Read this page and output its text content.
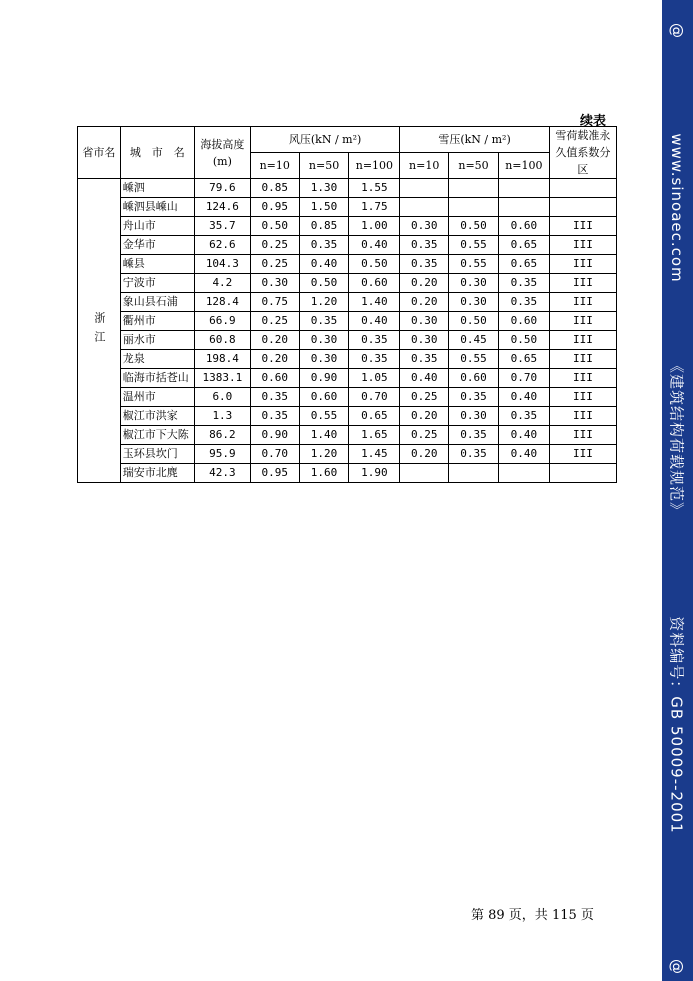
@
www.sinoaec.com
《建筑结构荷载规范》
资料编号：GB 50009--2001
@
续表
省市名	城　市　名	海拔高度(m)	风压(kN / m²)			雪压(kN / m²)			雪荷载准永久值系数分区
			n=10	n=50	n=100	n=10	n=50	n=100	
浙江	嵊泗	79.6	0.85	1.30	1.55				
	嵊泗县嵊山	124.6	0.95	1.50	1.75				
	舟山市	35.7	0.50	0.85	1.00	0.30	0.50	0.60	III
	金华市	62.6	0.25	0.35	0.40	0.35	0.55	0.65	III
	嵊县	104.3	0.25	0.40	0.50	0.35	0.55	0.65	III
	宁波市	4.2	0.30	0.50	0.60	0.20	0.30	0.35	III
	象山县石浦	128.4	0.75	1.20	1.40	0.20	0.30	0.35	III
	衢州市	66.9	0.25	0.35	0.40	0.30	0.50	0.60	III
	丽水市	60.8	0.20	0.30	0.35	0.30	0.45	0.50	III
	龙泉	198.4	0.20	0.30	0.35	0.35	0.55	0.65	III
	临海市括苍山	1383.1	0.60	0.90	1.05	0.40	0.60	0.70	III
	温州市	6.0	0.35	0.60	0.70	0.25	0.35	0.40	III
	椒江市洪家	1.3	0.35	0.55	0.65	0.20	0.30	0.35	III
	椒江市下大陈	86.2	0.90	1.40	1.65	0.25	0.35	0.40	III
	玉环县坎门	95.9	0.70	1.20	1.45	0.20	0.35	0.40	III
	瑞安市北麂	42.3	0.95	1.60	1.90				
第 89 页，共 115 页
